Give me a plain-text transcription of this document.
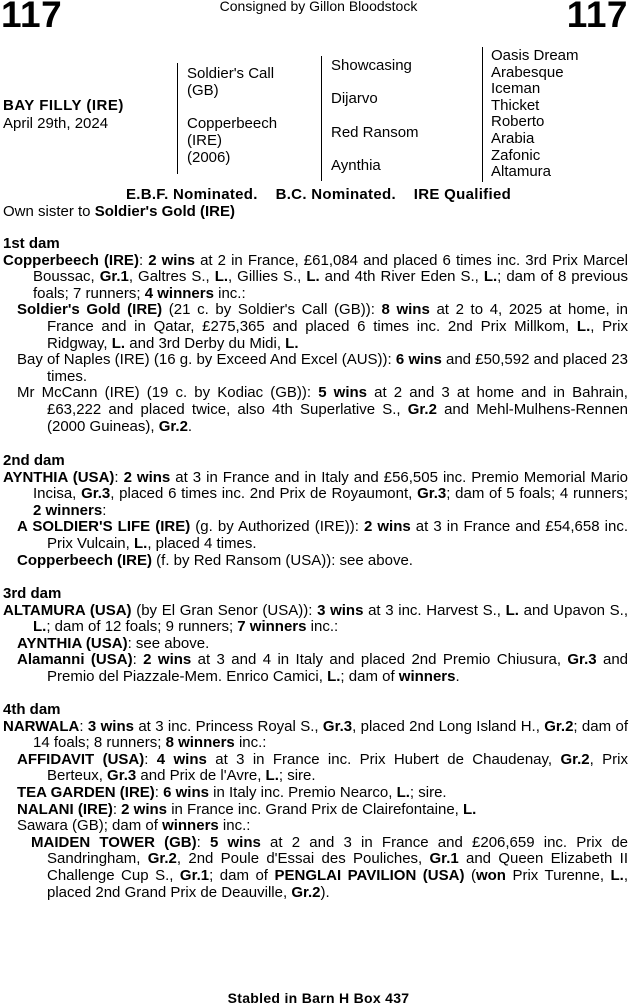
117	Consigned by Gillon Bloodstock	117
BAY FILLY (IRE)
April 29th, 2024
Soldier's Call
(GB)
Copperbeech
(IRE)
(2006)
Showcasing
Dijarvo
Red Ransom
Aynthia
Oasis Dream
Arabesque
Iceman
Thicket
Roberto
Arabia
Zafonic
Altamura
E.B.F. Nominated.    B.C. Nominated.    IRE Qualified
Own sister to Soldier's Gold (IRE)
1st dam
Copperbeech (IRE): 2 wins at 2 in France, £61,084 and placed 6 times inc. 3rd Prix Marcel Boussac, Gr.1, Galtres S., L., Gillies S., L. and 4th River Eden S., L.; dam of 8 previous foals; 7 runners; 4 winners inc.:
Soldier's Gold (IRE) (21 c. by Soldier's Call (GB)): 8 wins at 2 to 4, 2025 at home, in France and in Qatar, £275,365 and placed 6 times inc. 2nd Prix Millkom, L., Prix Ridgway, L. and 3rd Derby du Midi, L.
Bay of Naples (IRE) (16 g. by Exceed And Excel (AUS)): 6 wins and £50,592 and placed 23 times.
Mr McCann (IRE) (19 c. by Kodiac (GB)): 5 wins at 2 and 3 at home and in Bahrain, £63,222 and placed twice, also 4th Superlative S., Gr.2 and Mehl-Mulhens-Rennen (2000 Guineas), Gr.2.
2nd dam
AYNTHIA (USA): 2 wins at 3 in France and in Italy and £56,505 inc. Premio Memorial Mario Incisa, Gr.3, placed 6 times inc. 2nd Prix de Royaumont, Gr.3; dam of 5 foals; 4 runners; 2 winners:
A SOLDIER'S LIFE (IRE) (g. by Authorized (IRE)): 2 wins at 3 in France and £54,658 inc. Prix Vulcain, L., placed 4 times.
Copperbeech (IRE) (f. by Red Ransom (USA)): see above.
3rd dam
ALTAMURA (USA) (by El Gran Senor (USA)): 3 wins at 3 inc. Harvest S., L. and Upavon S., L.; dam of 12 foals; 9 runners; 7 winners inc.:
AYNTHIA (USA): see above.
Alamanni (USA): 2 wins at 3 and 4 in Italy and placed 2nd Premio Chiusura, Gr.3 and Premio del Piazzale-Mem. Enrico Camici, L.; dam of winners.
4th dam
NARWALA: 3 wins at 3 inc. Princess Royal S., Gr.3, placed 2nd Long Island H., Gr.2; dam of 14 foals; 8 runners; 8 winners inc.:
AFFIDAVIT (USA): 4 wins at 3 in France inc. Prix Hubert de Chaudenay, Gr.2, Prix Berteux, Gr.3 and Prix de l'Avre, L.; sire.
TEA GARDEN (IRE): 6 wins in Italy inc. Premio Nearco, L.; sire.
NALANI (IRE): 2 wins in France inc. Grand Prix de Clairefontaine, L.
Sawara (GB); dam of winners inc.:
MAIDEN TOWER (GB): 5 wins at 2 and 3 in France and £206,659 inc. Prix de Sandringham, Gr.2, 2nd Poule d'Essai des Pouliches, Gr.1 and Queen Elizabeth II Challenge Cup S., Gr.1; dam of PENGLAI PAVILION (USA) (won Prix Turenne, L., placed 2nd Grand Prix de Deauville, Gr.2).
Stabled in Barn H Box 437
